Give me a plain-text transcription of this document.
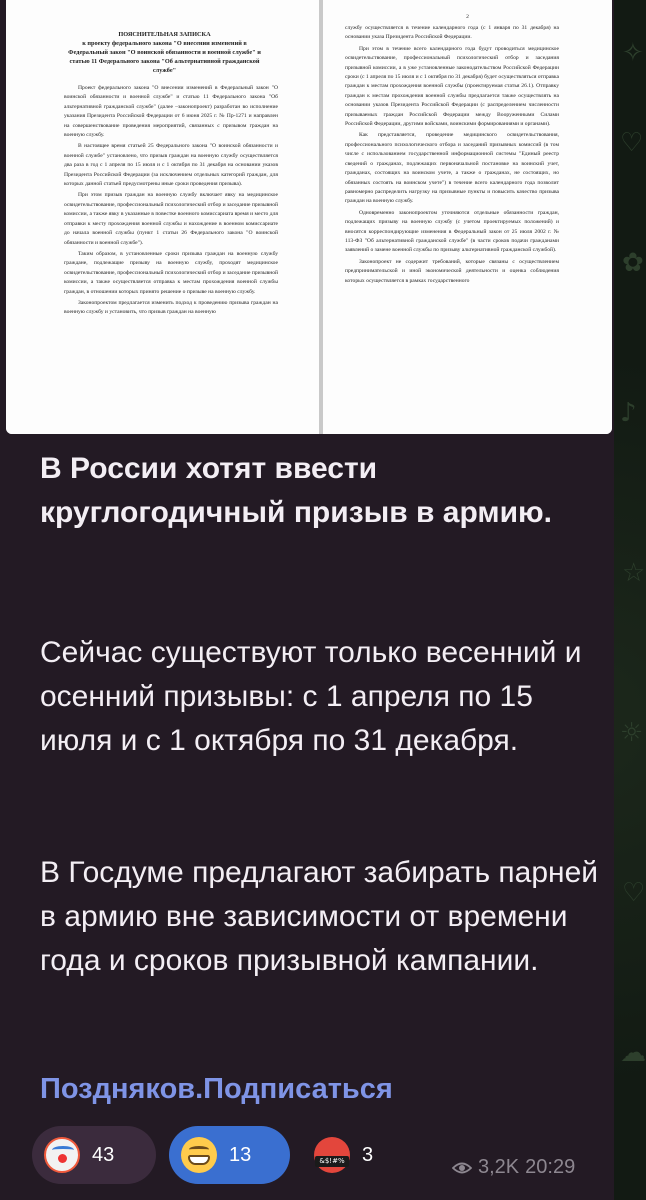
✧
♡
✿
♪
☆
☼
♡
☁

ПОЯСНИТЕЛЬНАЯ ЗАПИСКА
к проекту федерального закона "О внесении изменений в Федеральный закон "О воинской обязанности и военной службе" и статью 11 Федерального закона "Об альтернативной гражданской службе"

Проект федерального закона "О внесении изменений в Федеральный закон "О воинской обязанности и военной службе" и статью 11 Федерального закона "Об альтернативной гражданской службе" (далее –законопроект) разработан во исполнение указания Президента Российской Федерации от 6 июня 2025 г. № Пр-1271 и направлен на совершенствование проведения мероприятий, связанных с призывом граждан на военную службу.

В настоящее время статьей 25 Федерального закона "О воинской обязанности и военной службе" установлено, что призыв граждан на военную службу осуществляется два раза в год с 1 апреля по 15 июля и с 1 октября по 31 декабря на основании указов Президента Российской Федерации (за исключением отдельных категорий граждан, для которых данной статьей предусмотрены иные сроки проведения призыва).

При этом призыв граждан на военную службу включает явку на медицинское освидетельствование, профессиональный психологический отбор и заседание призывной комиссии, а также явку в указанные в повестке военного комиссариата время и место для отправки к месту прохождения военной службы и нахождение в военном комиссариате до начала военной службы (пункт 1 статьи 26 Федерального закона "О воинской обязанности и военной службе").

Таким образом, в установленные сроки призыва граждан на военную службу граждане, подлежащие призыву на военную службу, проходят медицинское освидетельствование, профессиональный психологический отбор и заседание призывной комиссии, а также осуществляется отправка к местам прохождения военной службы граждан, в отношении которых принято решение о призыве на военную службу.

Законопроектом предлагается изменить подход к проведению призыва граждан на военную службу и установить, что призыв граждан на военную

2

службу осуществляется в течение календарного года (с 1 января по 31 декабря) на основании указа Президента Российской Федерации.

При этом в течение всего календарного года будут проводиться медицинское освидетельствование, профессиональный психологический отбор и заседания призывной комиссии, а в уже установленные законодательством Российской Федерации сроки (с 1 апреля по 15 июля и с 1 октября по 31 декабря) будет осуществляться отправка граждан к местам прохождения военной службы (проектируемая статья 26.1). Отправку граждан к местам прохождения военной службы предлагается также осуществлять на основании указов Президента Российской Федерации (с распределением численности призываемых граждан Российской Федерации между Вооруженными Силами Российской Федерации, другими войсками, воинскими формированиями и органами).

Как представляется, проведение медицинского освидетельствования, профессионального психологического отбора и заседаний призывных комиссий (в том числе с использованием государственной информационной системы "Единый реестр сведений о гражданах, подлежащих первоначальной постановке на воинский учет, гражданах, состоящих на воинском учете, а также о гражданах, не состоящих, но обязанных состоять на воинском учете") в течение всего календарного года позволит равномерно распределить нагрузку на призывные пункты и повысить качество призыва граждан на военную службу.

Одновременно законопроектом уточняются отдельные обязанности граждан, подлежащих призыву на военную службу (с учетом проектируемых положений) и вносятся корреспондирующие изменения в Федеральный закон от 25 июля 2002 г. № 113-ФЗ "Об альтернативной гражданской службе" (в части сроков подачи гражданами заявлений о замене военной службы по призыву альтернативной гражданской службой).

Законопроект не содержит требований, которые связаны с осуществлением предпринимательской и иной экономической деятельности и оценка соблюдения которых осуществляется в рамках государственного

В России хотят ввести круглогодичный призыв в армию.
Сейчас существуют только весенний и осенний призывы: с 1 апреля по 15 июля и с 1 октября по 31 декабря.
В Госдуме предлагают забирать парней в армию вне зависимости от времени года и сроков призывной кампании.
Поздняков.Подписаться
43	13
&$!#%	3
3,2K 20:29
